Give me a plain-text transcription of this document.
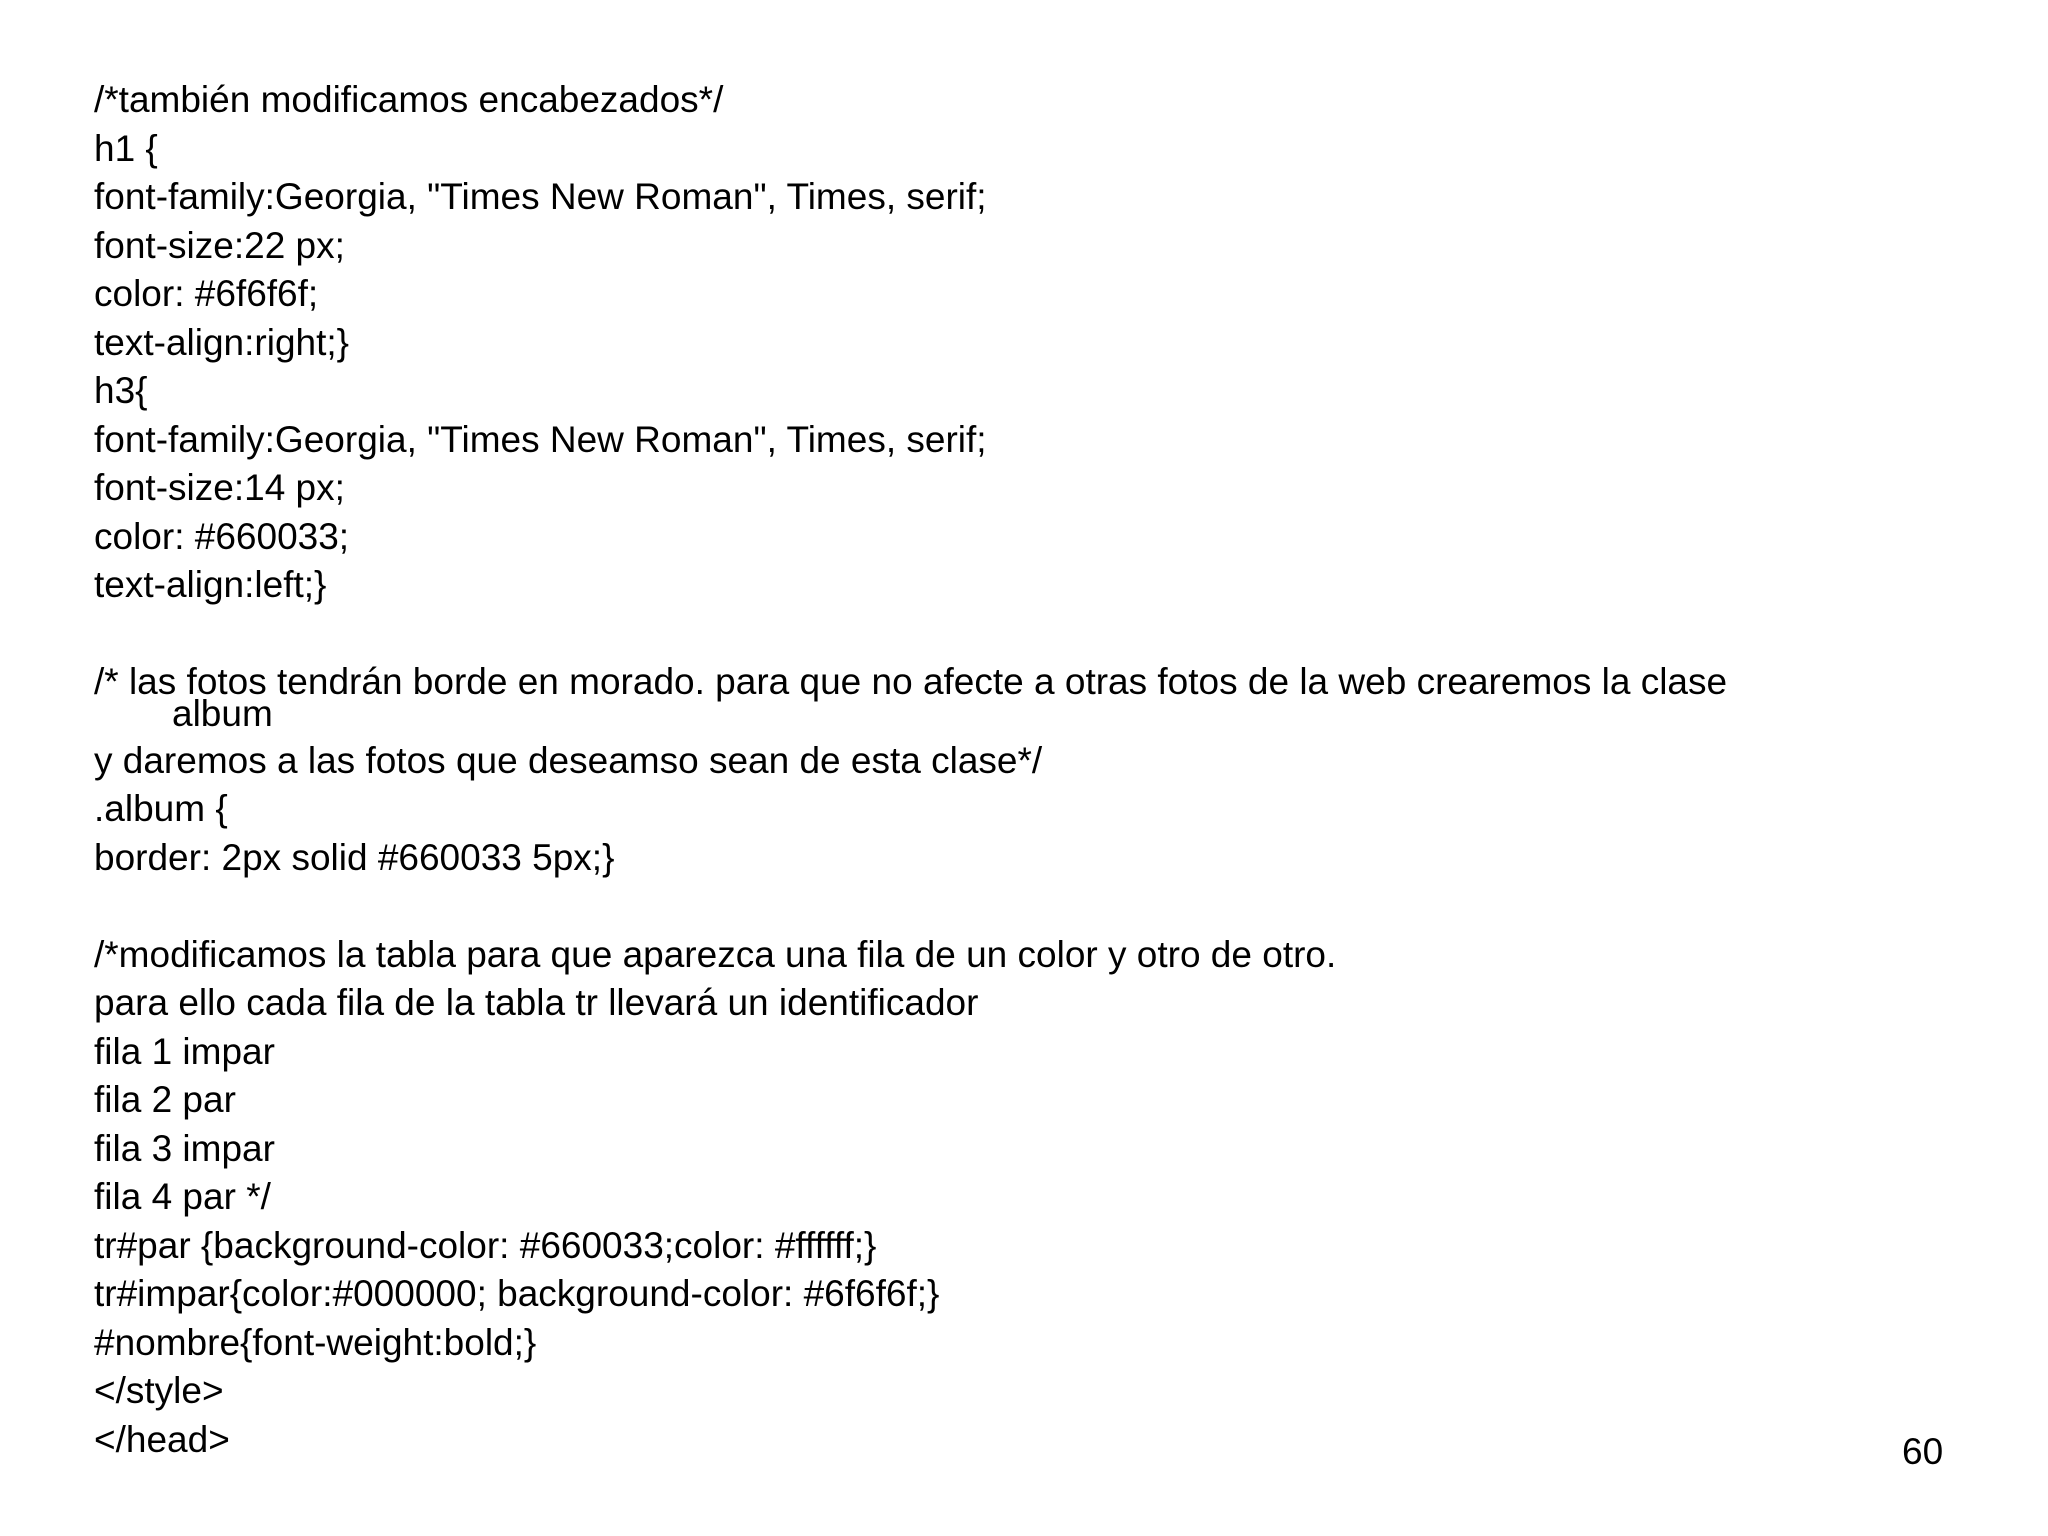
/*también modificamos encabezados*/
h1 {
font-family:Georgia, "Times New Roman", Times, serif;
font-size:22 px;
color: #6f6f6f;
text-align:right;}
h3{
font-family:Georgia, "Times New Roman", Times, serif;
font-size:14 px;
color: #660033;
text-align:left;}
/* las fotos tendrán borde en morado. para que no afecte a otras fotos de la web crearemos la clase
album
y daremos a las fotos que deseamso sean de esta clase*/
.album {
border: 2px solid #660033 5px;}
/*modificamos la tabla para que aparezca una fila de un color y otro de otro.
para ello cada fila de la tabla tr llevará un identificador
fila 1 impar
fila 2 par
fila 3 impar
fila 4 par */
tr#par {background-color: #660033;color: #ffffff;}
tr#impar{color:#000000; background-color: #6f6f6f;}
#nombre{font-weight:bold;}
</style>
</head>	60
